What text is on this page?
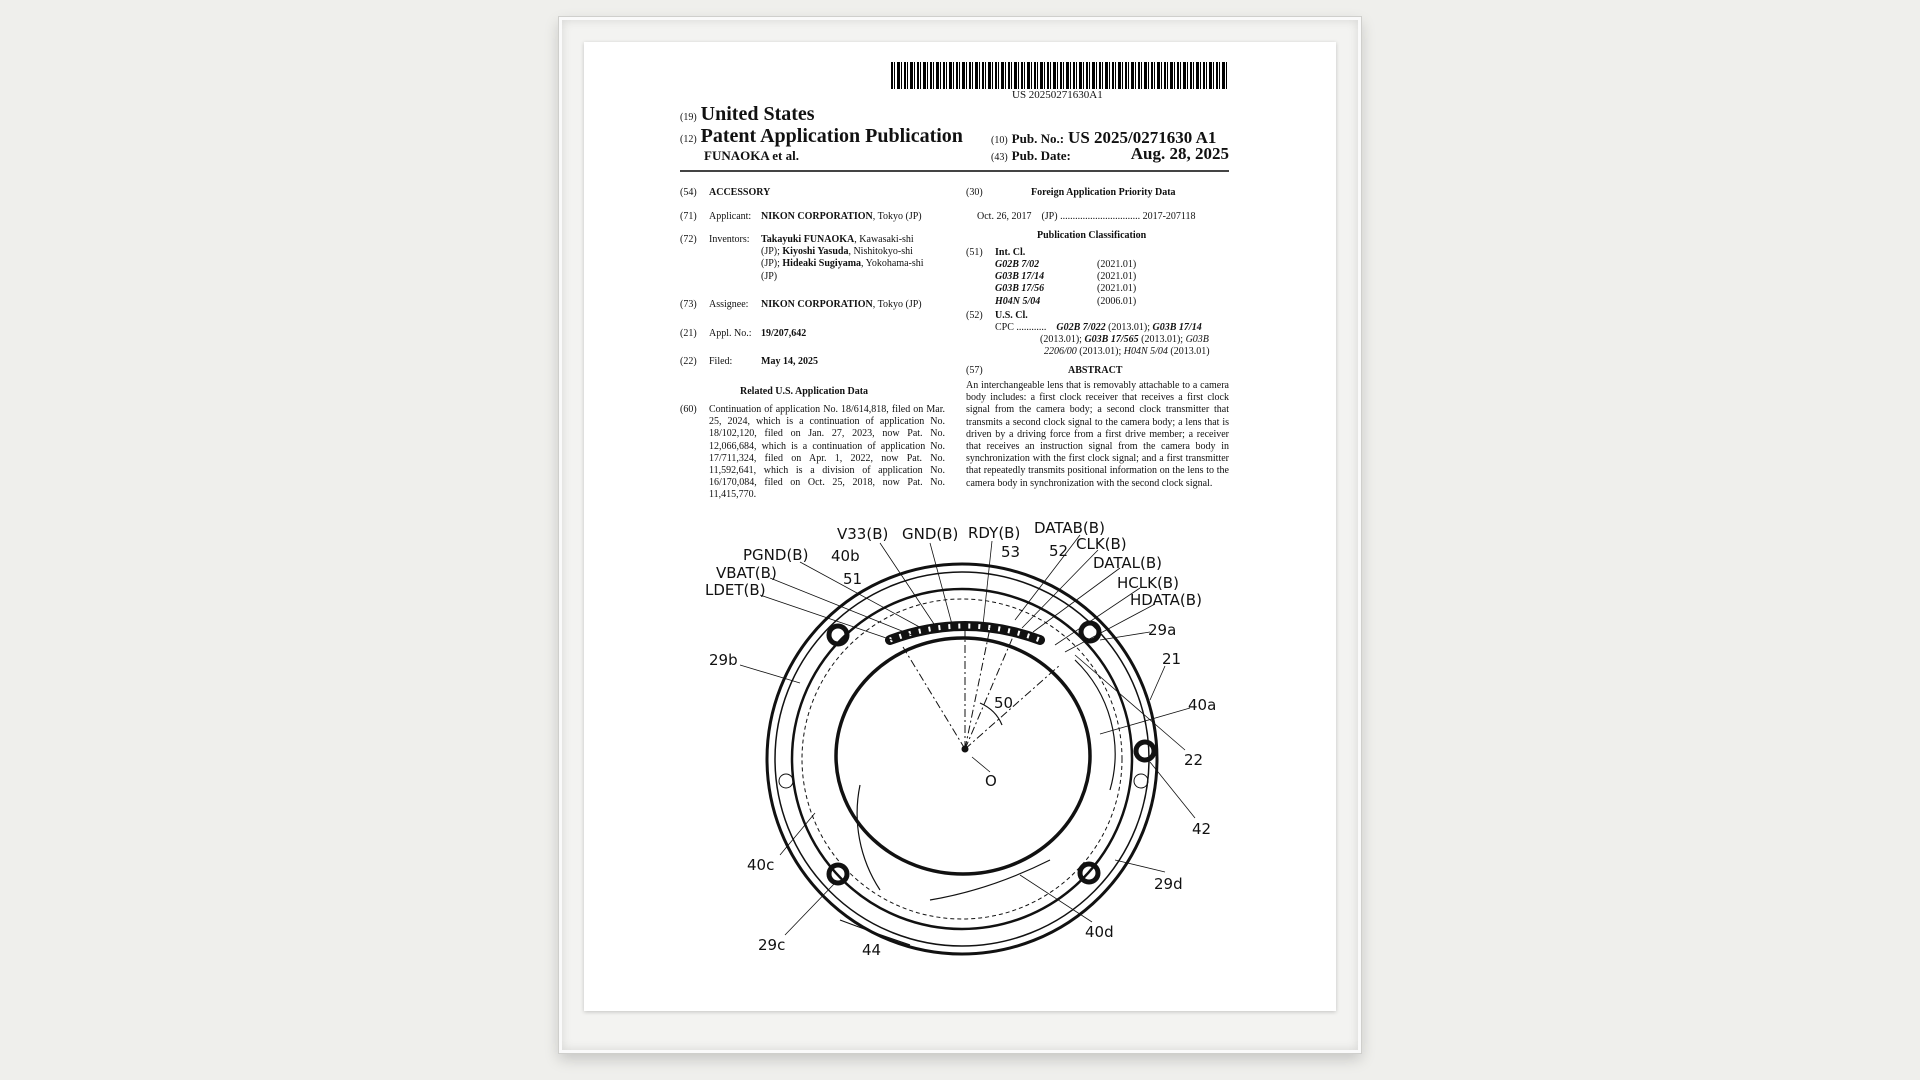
US 20250271630A1
(19) United States
(12) Patent Application Publication
FUNAOKA et al.
(10) Pub. No.: US 2025/0271630 A1
(43) Pub. Date:	Aug. 28, 2025
(54) ACCESSORY
(71) Applicant: NIKON CORPORATION, Tokyo (JP)
(72) Inventors: Takayuki FUNAOKA, Kawasaki-shi
(JP); Kiyoshi Yasuda, Nishitokyo-shi
(JP); Hideaki Sugiyama, Yokohama-shi
(JP)
(73) Assignee: NIKON CORPORATION, Tokyo (JP)
(21) Appl. No.: 19/207,642
(22) Filed:	May 14, 2025
Related U.S. Application Data
(60) Continuation of application No. 18/614,818, filed on Mar. 25, 2024, which is a continuation of application No. 18/102,120, filed on Jan. 27, 2023, now Pat. No. 12,066,684, which is a continuation of application No. 17/711,324, filed on Apr. 1, 2022, now Pat. No. 11,592,641, which is a division of application No. 16/170,084, filed on Oct. 25, 2018, now Pat. No. 11,415,770.
(30)	Foreign Application Priority Data
Oct. 26, 2017 (JP) ................................ 2017-207118
Publication Classification
(51) Int. Cl.
G02B 7/02	(2021.01)
G03B 17/14	(2021.01)
G03B 17/56	(2021.01)
H04N 5/04	(2006.01)
(52) U.S. Cl.
CPC ............ G02B 7/022 (2013.01); G03B 17/14
(2013.01); G03B 17/565 (2013.01); G03B
2206/00 (2013.01); H04N 5/04 (2013.01)
(57)	ABSTRACT
An interchangeable lens that is removably attachable to a camera body includes: a first clock receiver that receives a first clock signal from the camera body; a second clock transmitter that transmits a second clock signal to the camera body; a lens that is driven by a driving force from a first drive member; a receiver that receives an instruction signal from the camera body in synchronization with the first clock signal; and a first transmitter that repeatedly transmits positional information on the lens to the camera body in synchronization with the second clock signal.
V33(B) GND(B) RDY(B) DATAB(B)
CLK(B)
53 52
40b
PGND(B)	DATAL(B)
VBAT(B)	51	HCLK(B)
LDET(B)
HDATA(B)
29a
29b	21
50	40a
O
22
42
40c
29d
40d
29c	44
